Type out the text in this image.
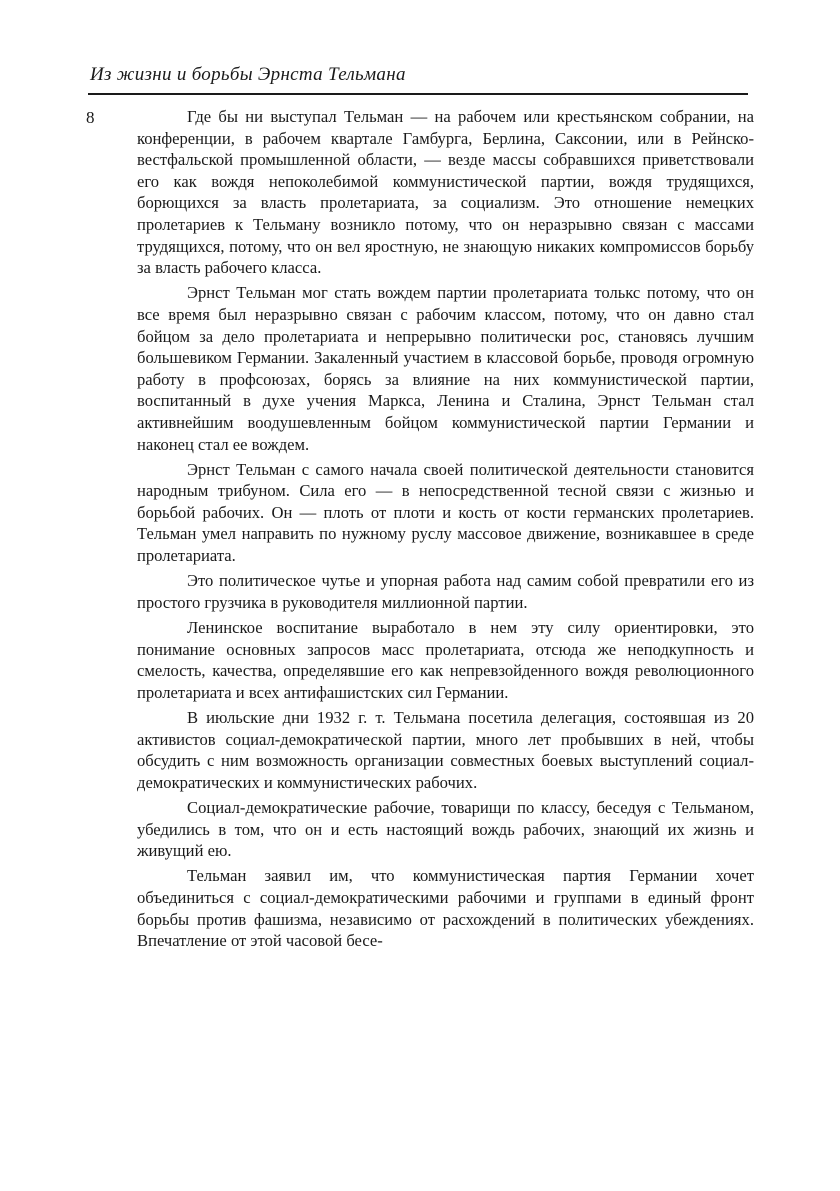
Из жизни и борьбы Эрнста Тельмана
8	Где бы ни выступал Тельман — на рабочем или крестьянском собрании, на конференции, в рабочем квартале Гамбурга, Берлина, Саксонии, или в Рейнско-вестфальской промышленной области, — везде массы собравшихся приветствовали его как вождя непоколебимой коммунистической партии, вождя трудящихся, борющихся за власть пролетариата, за социализм. Это отношение немецких пролетариев к Тельману возникло потому, что он неразрывно связан с массами трудящихся, потому, что он вел яростную, не знающую никаких компромиссов борьбу за власть рабочего класса.

Эрнст Тельман мог стать вождем партии пролетариата толькс потому, что он все время был неразрывно связан с рабочим классом, потому, что он давно стал бойцом за дело пролетариата и непрерывно политически рос, становясь лучшим большевиком Германии. Закаленный участием в классовой борьбе, проводя огромную работу в профсоюзах, борясь за влияние на них коммунистической партии, воспитанный в духе учения Маркса, Ленина и Сталина, Эрнст Тельман стал активнейшим воодушевленным бойцом коммунистической партии Германии и наконец стал ее вождем.

Эрнст Тельман с самого начала своей политической деятельности становится народным трибуном. Сила его — в непосредственной тесной связи с жизнью и борьбой рабочих. Он — плоть от плоти и кость от кости германских пролетариев. Тельман умел направить по нужному руслу массовое движение, возникавшее в среде пролетариата.

Это политическое чутье и упорная работа над самим собой превратили его из простого грузчика в руководителя миллионной партии.

Ленинское воспитание выработало в нем эту силу ориентировки, это понимание основных запросов масс пролетариата, отсюда же неподкупность и смелость, качества, определявшие его как непревзойденного вождя революционного пролетариата и всех антифашистских сил Германии.

В июльские дни 1932 г. т. Тельмана посетила делегация, состоявшая из 20 активистов социал-демократической партии, много лет пробывших в ней, чтобы обсудить с ним возможность организации совместных боевых выступлений социал-демократических и коммунистических рабочих.

Социал-демократические рабочие, товарищи по классу, беседуя с Тельманом, убедились в том, что он и есть настоящий вождь рабочих, знающий их жизнь и живущий ею.

Тельман заявил им, что коммунистическая партия Германии хочет объединиться с социал-демократическими рабочими и группами в единый фронт борьбы против фашизма, независимо от расхождений в политических убеждениях. Впечатление от этой часовой бесе-
